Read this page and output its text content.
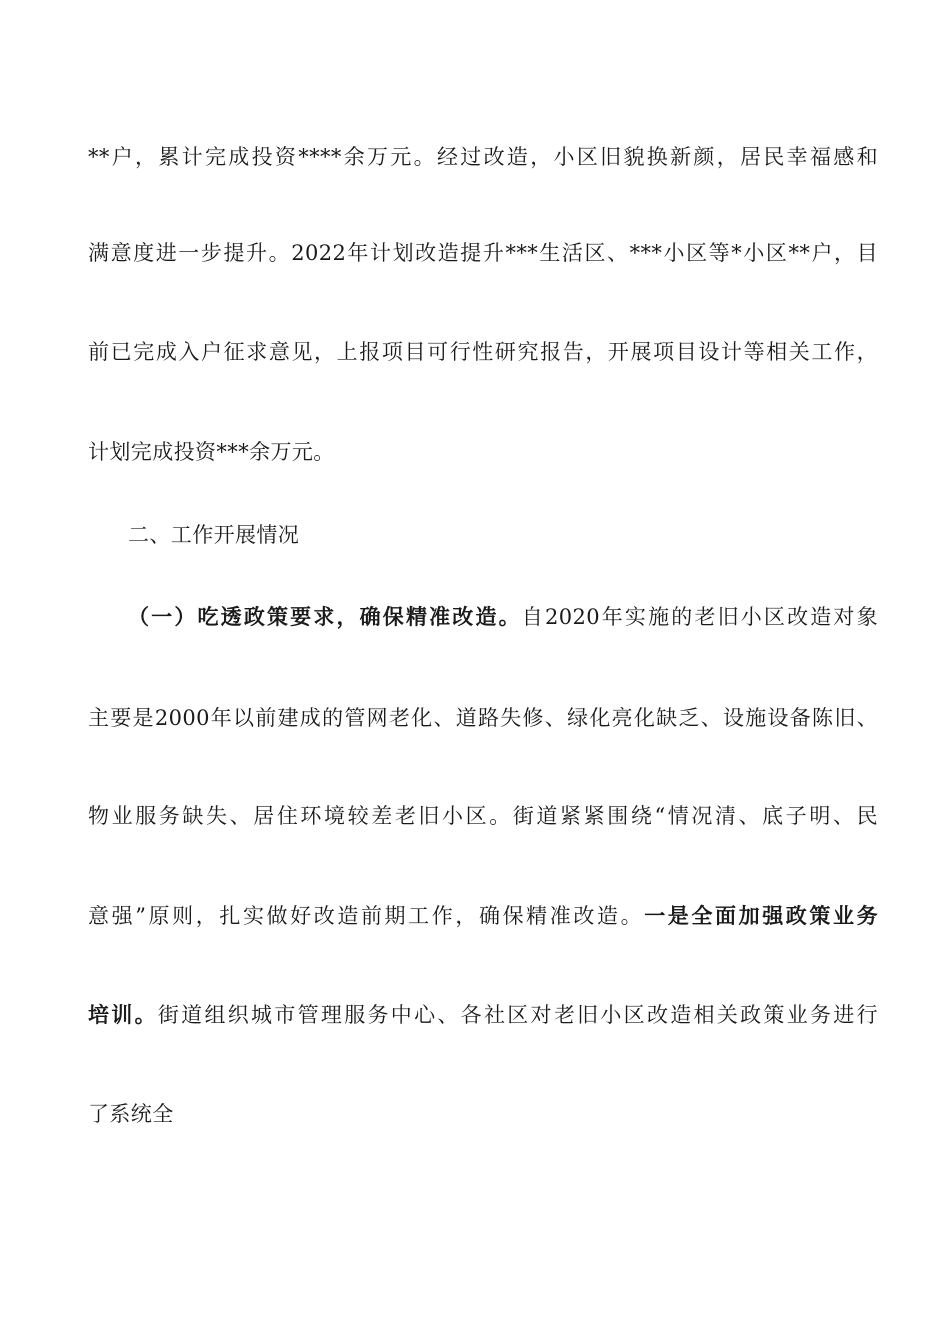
**户，累计完成投资****余万元。经过改造，小区旧貌换新颜，居民幸福感和
满意度进一步提升。2022年计划改造提升***生活区、***小区等*小区**户，目
前已完成入户征求意见，上报项目可行性研究报告，开展项目设计等相关工作，
计划完成投资***余万元。
二、工作开展情况
（一）吃透政策要求，确保精准改造。自2020年实施的老旧小区改造对象
主要是2000年以前建成的管网老化、道路失修、绿化亮化缺乏、设施设备陈旧、
物业服务缺失、居住环境较差老旧小区。街道紧紧围绕“情况清、底子明、民
意强”原则，扎实做好改造前期工作，确保精准改造。一是全面加强政策业务
培训。街道组织城市管理服务中心、各社区对老旧小区改造相关政策业务进行
了系统全
